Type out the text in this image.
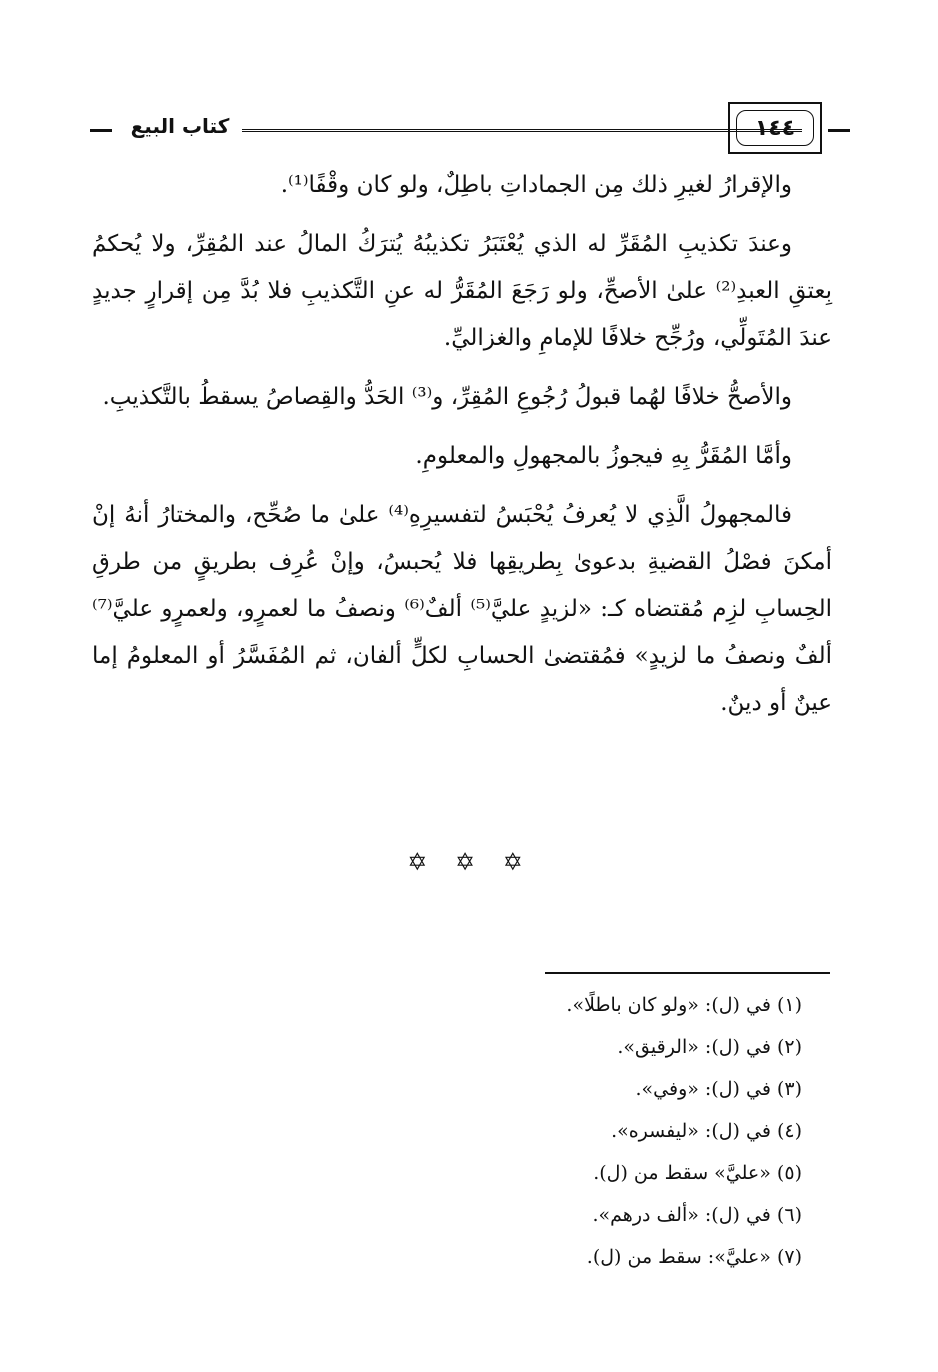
كتاب البيع	١٤٤

والإقرارُ لغيرِ ذلك مِن الجماداتِ باطِلٌ، ولو كان وقْفًا⁽¹⁾.

وعندَ تكذيبِ المُقَرِّ له الذي يُعْتَبَرُ تكذيبُهُ يُترَكُ المالُ عند المُقِرِّ، ولا يُحكمُ بِعتقِ العبدِ⁽²⁾ علىٰ الأصحِّ، ولو رَجَعَ المُقَرُّ له عنِ التَّكذيبِ فلا بُدَّ مِن إقرارٍ جديدٍ عندَ المُتَولِّي، ورُجِّح خلافًا للإمامِ والغزاليِّ.

والأصحُّ خلافًا لهُما قبولُ رُجُوعِ المُقِرِّ، و⁽³⁾ الحَدُّ والقِصاصُ يسقطُ بالتَّكذيبِ.

وأمَّا المُقَرُّ بِهِ فيجوزُ بالمجهولِ والمعلومِ.

فالمجهولُ الَّذِي لا يُعرفُ يُحْبَسُ لتفسيرِهِ⁽⁴⁾ علىٰ ما صُحِّح، والمختارُ أنهُ إنْ أمكنَ فصْلُ القضيةِ بدعوىٰ بِطريقِها فلا يُحبسُ، وإنْ عُرِف بطريقٍ من طرقِ الحِسابِ لزِم مُقتضاه كـ: «لزيدٍ عليَّ⁽⁵⁾ ألفٌ⁽⁶⁾ ونصفُ ما لعمرٍو، ولعمرٍو عليَّ⁽⁷⁾ ألفٌ ونصفُ ما لزيدٍ» فمُقتضىٰ الحسابِ لكلٍّ ألفان، ثم المُفَسَّرُ أو المعلومُ إما عينٌ أو دينٌ.

✡ ✡ ✡
(١) في (ل): «ولو كان باطلًا».
(٢) في (ل): «الرقيق».
(٣) في (ل): «وفي».
(٤) في (ل): «ليفسره».
(٥) «عليَّ» سقط من (ل).
(٦) في (ل): «ألف درهم».
(٧) «عليَّ»: سقط من (ل).
